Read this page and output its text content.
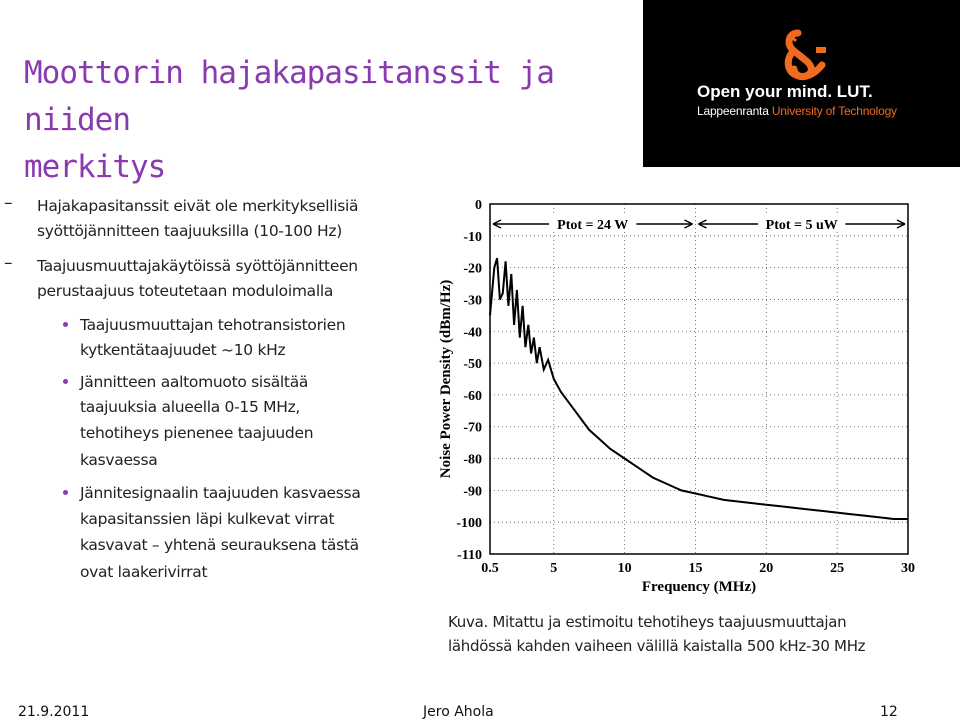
Moottorin hajakapasitanssit ja niiden
merkitys
Open your mind. LUT.
Lappeenranta University of Technology
– Hajakapasitanssit eivät ole merkityksellisiä
syöttöjännitteen taajuuksilla (10-100 Hz)
– Taajuusmuuttajakäytöissä syöttöjännitteen
perustaajuus toteutetaan moduloimalla
Taajuusmuuttajan tehotransistorien
kytkentätaajuudet ~10 kHz
Jännitteen aaltomuoto sisältää
taajuuksia alueella 0-15 MHz,
tehotiheys pienenee taajuuden
kasvaessa
Jännitesignaalin taajuuden kasvaessa
kapasitanssien läpi kulkevat virrat
kasvavat – yhtenä seurauksena tästä
ovat laakerivirrat
0
-10
-20
-30
-40
-50
-60
-70
-80
-90
-100
-110
0.5	5	10	15	20	25	30
Ptot = 24 W	Ptot = 5 uW
Frequency (MHz)
Noise Power Density (dBm/Hz)
Kuva. Mitattu ja estimoitu tehotiheys taajuusmuuttajan
lähdössä kahden vaiheen välillä kaistalla 500 kHz-30 MHz
21.9.2011	Jero Ahola	12
